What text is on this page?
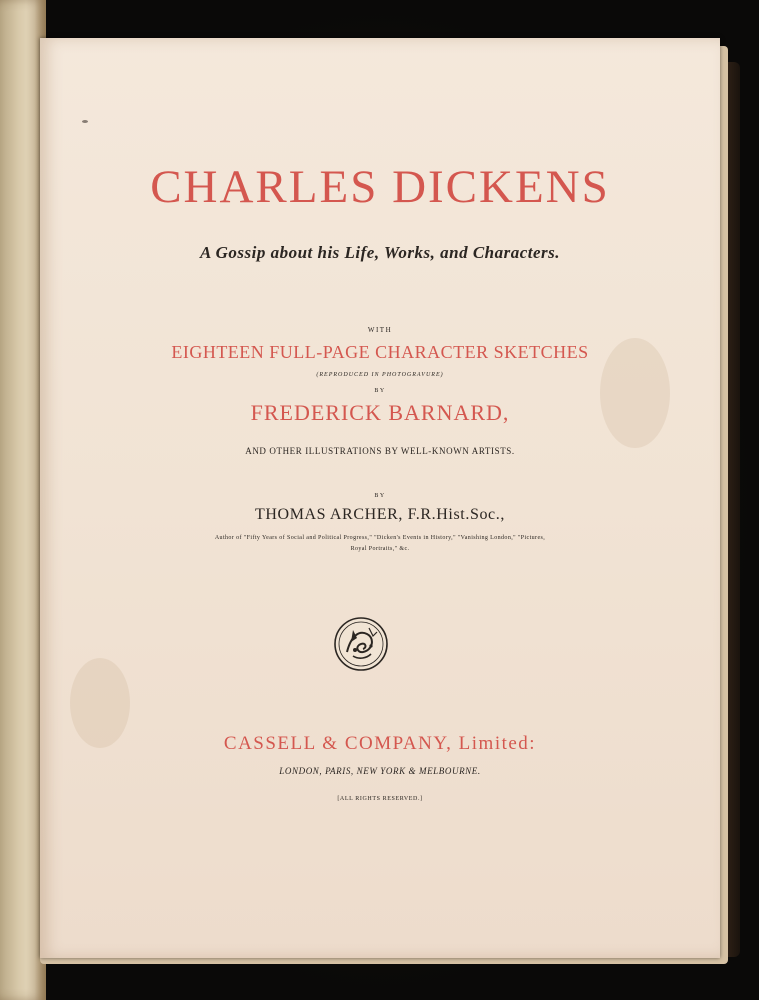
CHARLES DICKENS
A Gossip about his Life, Works, and Characters.
WITH
EIGHTEEN FULL-PAGE CHARACTER SKETCHES
(REPRODUCED IN PHOTOGRAVURE)
BY
FREDERICK BARNARD,
AND OTHER ILLUSTRATIONS BY WELL-KNOWN ARTISTS.
BY
THOMAS ARCHER, F.R.Hist.Soc.,
Author of "Fifty Years of Social and Political Progress," "Dicken's Events in History," "Vanishing London," "Pictures,
Royal Portraits," &c.
CASSELL & COMPANY, Limited:
LONDON, PARIS, NEW YORK & MELBOURNE.
[ALL RIGHTS RESERVED.]
